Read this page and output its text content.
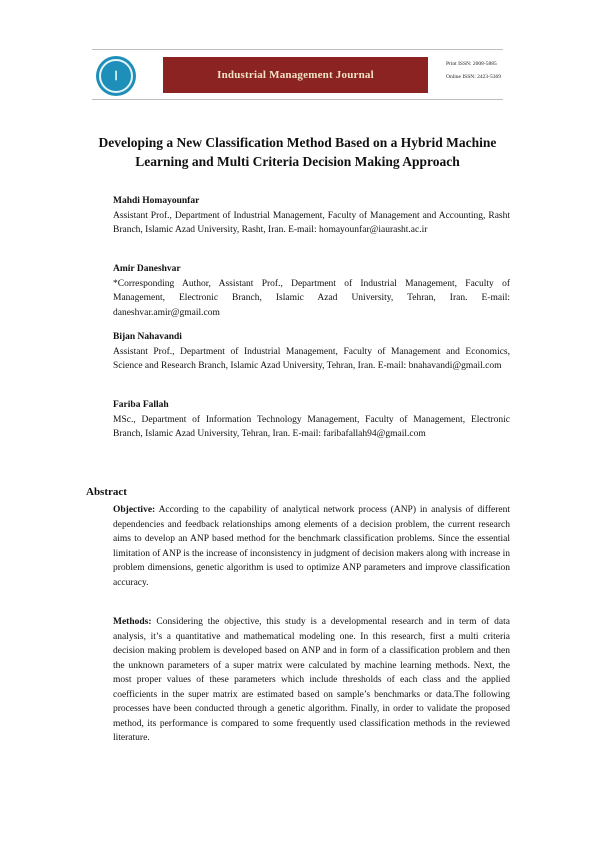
ا	Industrial Management Journal
Print ISSN: 2008-5885
Online ISSN: 2423-5369
Developing a New Classification Method Based on a Hybrid Machine
Learning and Multi Criteria Decision Making Approach
Mahdi Homayounfar
Assistant Prof., Department of Industrial Management, Faculty of Management and Accounting, Rasht Branch, Islamic Azad University, Rasht, Iran. E-mail: homayounfar@iaurasht.ac.ir
Amir Daneshvar
*Corresponding Author, Assistant Prof., Department of Industrial Management, Faculty of Management, Electronic Branch, Islamic Azad University, Tehran, Iran. E-mail: daneshvar.amir@gmail.com
Bijan Nahavandi
Assistant Prof., Department of Industrial Management, Faculty of Management and Economics, Science and Research Branch, Islamic Azad University, Tehran, Iran. E-mail: bnahavandi@gmail.com
Fariba Fallah
MSc., Department of Information Technology Management, Faculty of Management, Electronic Branch, Islamic Azad University, Tehran, Iran. E-mail: faribafallah94@gmail.com
Abstract
Objective: According to the capability of analytical network process (ANP) in analysis of different dependencies and feedback relationships among elements of a decision problem, the current research aims to develop an ANP based method for the benchmark classification problems. Since the essential limitation of ANP is the increase of inconsistency in judgment of decision makers along with increase in problem dimensions, genetic algorithm is used to optimize ANP parameters and improve classification accuracy.
Methods: Considering the objective, this study is a developmental research and in term of data analysis, it’s a quantitative and mathematical modeling one. In this research, first a multi criteria decision making problem is developed based on ANP and in form of a classification problem and then the unknown parameters of a super matrix were calculated by machine learning methods. Next, the most proper values of these parameters which include thresholds of each class and the applied coefficients in the super matrix are estimated based on sample’s benchmarks or data.The following processes have been conducted through a genetic algorithm. Finally, in order to validate the proposed method, its performance is compared to some frequently used classification methods in the reviewed literature.
